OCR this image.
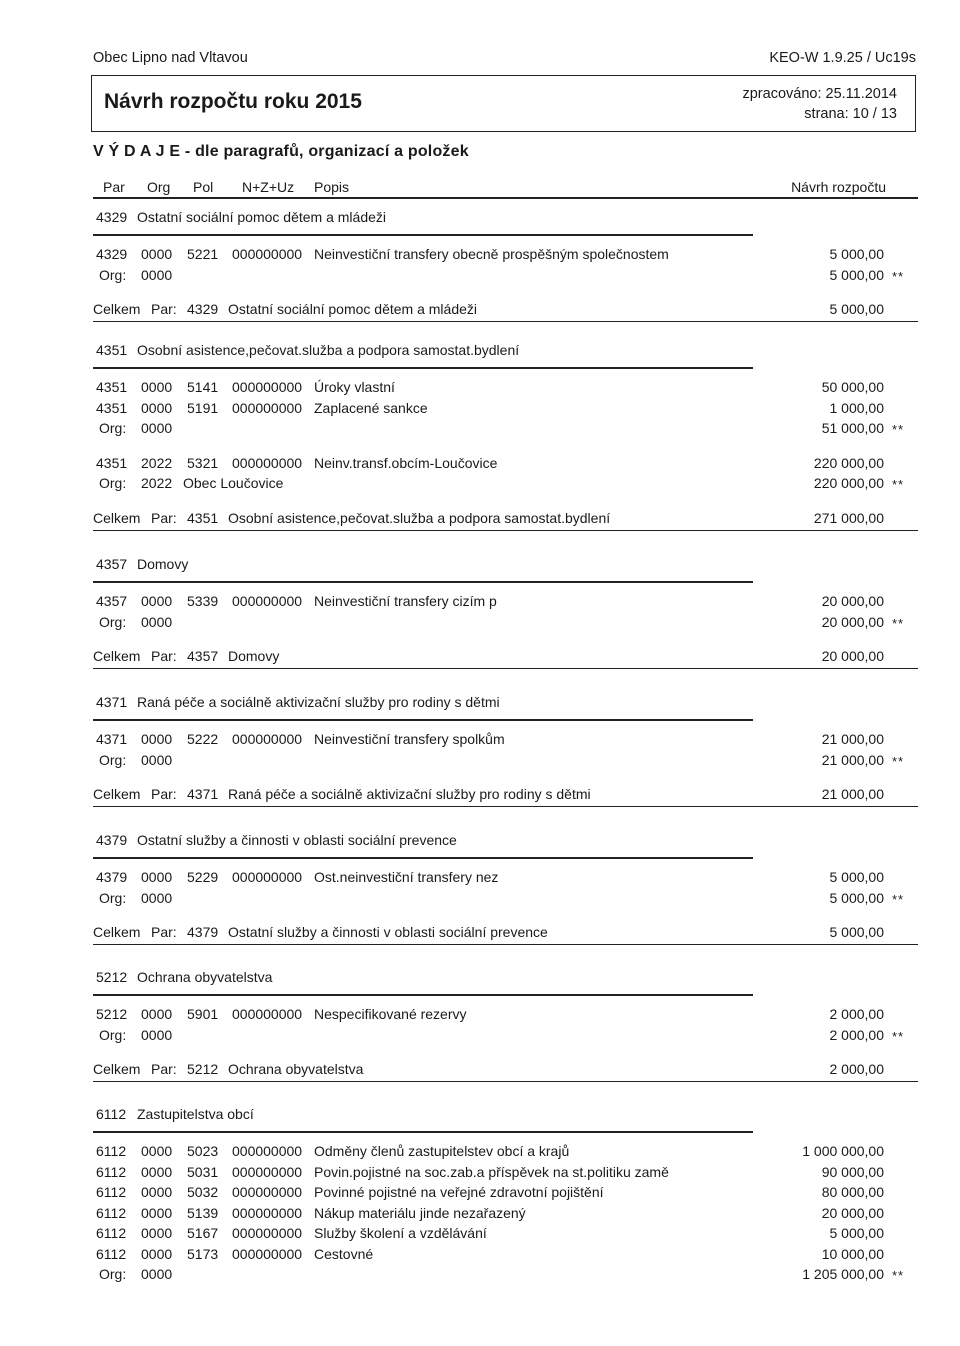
Obec Lipno nad Vltavou	KEO-W 1.9.25 / Uc19s
Návrh rozpočtu roku 2015	zpracováno: 25.11.2014
strana: 10 / 13
V Ý D A J E - dle paragrafů, organizací a položek
Par Org Pol N+Z+Uz Popis	Návrh rozpočtu
4329 Ostatní sociální pomoc dětem a mládeži
4329 0000 5221 000000000 Neinvestiční transfery obecně prospěšným společnostem	5 000,00
Org: 0000	5 000,00 **
Celkem Par: 4329 Ostatní sociální pomoc dětem a mládeži	5 000,00
4351 Osobní asistence,pečovat.služba a podpora samostat.bydlení
4351 0000 5141 000000000 Úroky vlastní	50 000,00
4351 0000 5191 000000000 Zaplacené sankce	1 000,00
Org: 0000	51 000,00 **
4351 2022 5321 000000000 Neinv.transf.obcím-Loučovice	220 000,00
Org: 2022 Obec Loučovice	220 000,00 **
Celkem Par: 4351 Osobní asistence,pečovat.služba a podpora samostat.bydlení	271 000,00
4357 Domovy
4357 0000 5339 000000000 Neinvestiční transfery cizím p	20 000,00
Org: 0000	20 000,00 **
Celkem Par: 4357 Domovy	20 000,00
4371 Raná péče a sociálně aktivizační služby pro rodiny s dětmi
4371 0000 5222 000000000 Neinvestiční transfery spolkům	21 000,00
Org: 0000	21 000,00 **
Celkem Par: 4371 Raná péče a sociálně aktivizační služby pro rodiny s dětmi	21 000,00
4379 Ostatní služby a činnosti v oblasti sociální prevence
4379 0000 5229 000000000 Ost.neinvestiční transfery nez	5 000,00
Org: 0000	5 000,00 **
Celkem Par: 4379 Ostatní služby a činnosti v oblasti sociální prevence	5 000,00
5212 Ochrana obyvatelstva
5212 0000 5901 000000000 Nespecifikované rezervy	2 000,00
Org: 0000	2 000,00 **
Celkem Par: 5212 Ochrana obyvatelstva	2 000,00
6112 Zastupitelstva obcí
6112 0000 5023 000000000 Odměny členů zastupitelstev obcí a krajů	1 000 000,00
6112 0000 5031 000000000 Povin.pojistné na soc.zab.a příspěvek na st.politiku zamě	90 000,00
6112 0000 5032 000000000 Povinné pojistné na veřejné zdravotní pojištění	80 000,00
6112 0000 5139 000000000 Nákup materiálu jinde nezařazený	20 000,00
6112 0000 5167 000000000 Služby školení a vzdělávání	5 000,00
6112 0000 5173 000000000 Cestovné	10 000,00
Org: 0000	1 205 000,00 **
